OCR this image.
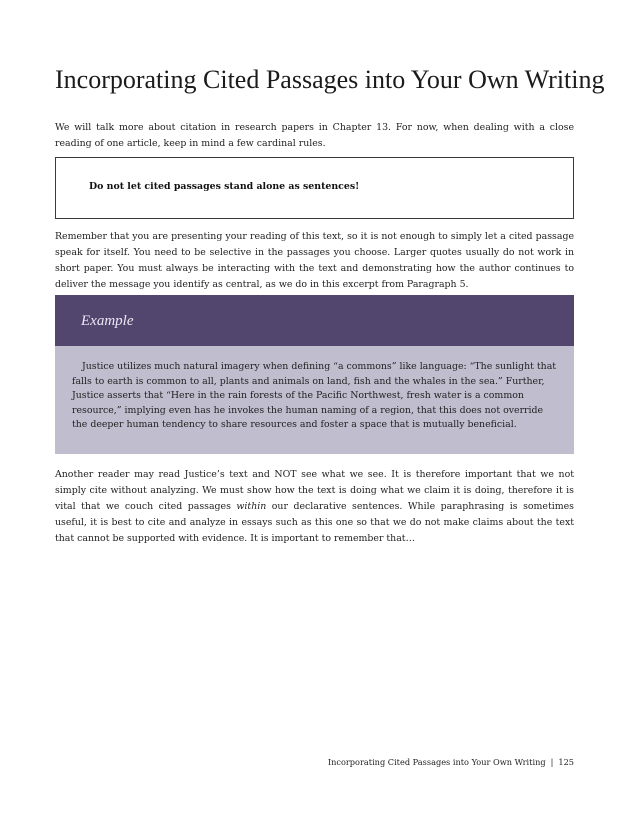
Incorporating Cited Passages into Your Own Writing

We will talk more about citation in research papers in Chapter 13. For now, when dealing with a close reading of one article, keep in mind a few cardinal rules.

Do not let cited passages stand alone as sentences!

Remember that you are presenting your reading of this text, so it is not enough to simply let a cited passage speak for itself. You need to be selective in the passages you choose. Larger quotes usually do not work in short paper. You must always be interacting with the text and demonstrating how the author continues to deliver the message you identify as central, as we do in this excerpt from Paragraph 5.

Example

Justice utilizes much natural imagery when defining “a commons” like language: “The sunlight that falls to earth is common to all, plants and animals on land, fish and the whales in the sea.” Further, Justice asserts that “Here in the rain forests of the Pacific Northwest, fresh water is a common resource,” implying even has he invokes the human naming of a region, that this does not override the deeper human tendency to share resources and foster a space that is mutually beneficial.

Another reader may read Justice’s text and NOT see what we see. It is therefore important that we not simply cite without analyzing. We must show how the text is doing what we claim it is doing, therefore it is vital that we couch cited passages within our declarative sentences. While paraphrasing is sometimes useful, it is best to cite and analyze in essays such as this one so that we do not make claims about the text that cannot be supported with evidence. It is important to remember that…

Incorporating Cited Passages into Your Own Writing | 125
